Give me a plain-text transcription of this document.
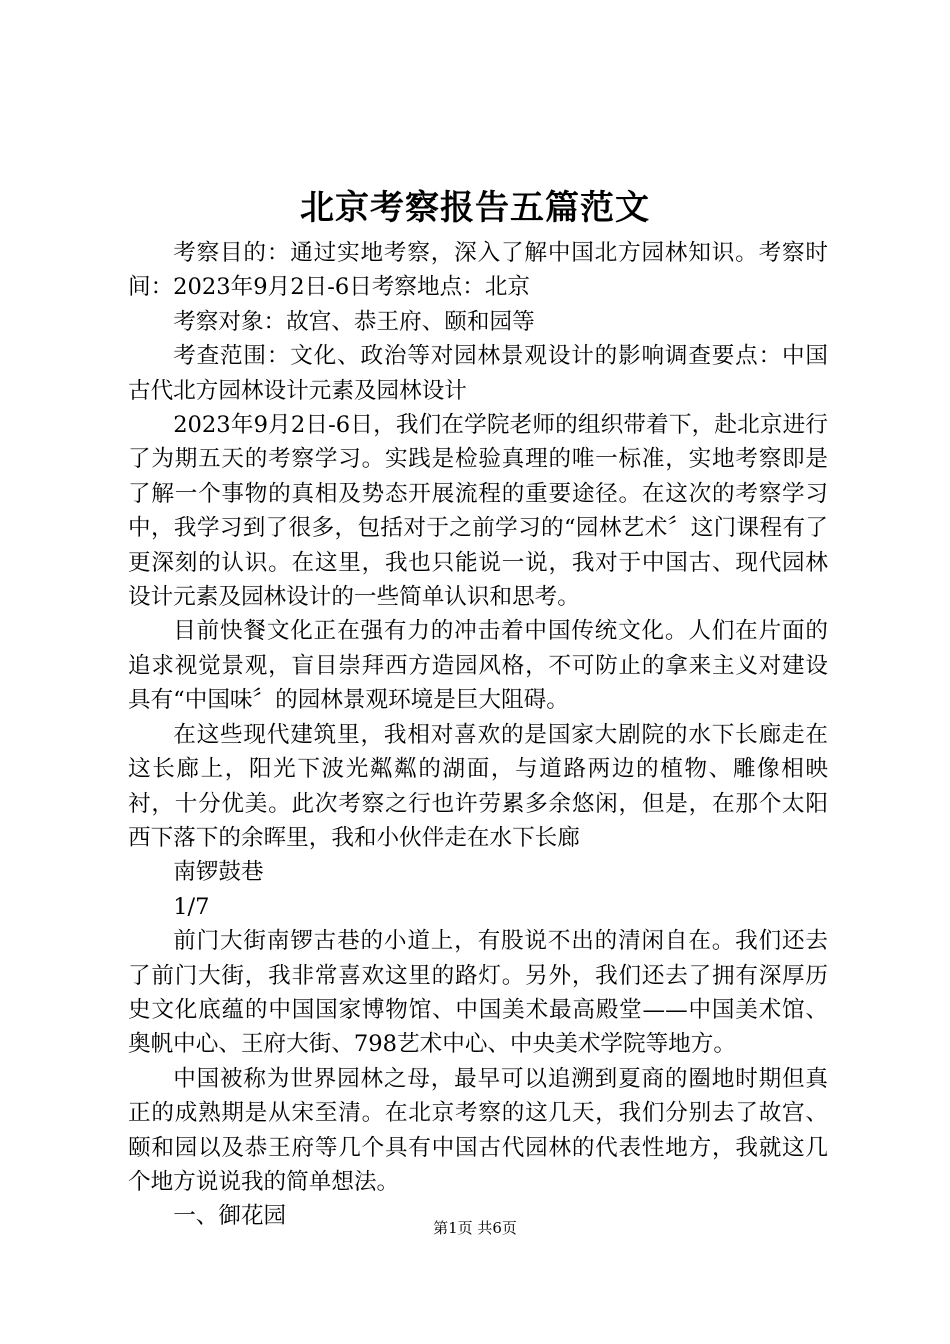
北京考察报告五篇范文

考察目的：通过实地考察，深入了解中国北方园林知识。考察时间：2023年9月2日-6日考察地点：北京

考察对象：故宫、恭王府、颐和园等

考查范围：文化、政治等对园林景观设计的影响调查要点：中国古代北方园林设计元素及园林设计

2023年9月2日-6日，我们在学院老师的组织带着下，赴北京进行了为期五天的考察学习。实践是检验真理的唯一标准，实地考察即是了解一个事物的真相及势态开展流程的重要途径。在这次的考察学习中，我学习到了很多，包括对于之前学习的“园林艺术〞这门课程有了更深刻的认识。在这里，我也只能说一说，我对于中国古、现代园林设计元素及园林设计的一些简单认识和思考。

目前快餐文化正在强有力的冲击着中国传统文化。人们在片面的追求视觉景观，盲目崇拜西方造园风格，不可防止的拿来主义对建设具有“中国味〞的园林景观环境是巨大阻碍。

在这些现代建筑里，我相对喜欢的是国家大剧院的水下长廊走在这长廊上，阳光下波光粼粼的湖面，与道路两边的植物、雕像相映衬，十分优美。此次考察之行也许劳累多余悠闲，但是，在那个太阳西下落下的余晖里，我和小伙伴走在水下长廊

南锣鼓巷

1/7

前门大街南锣古巷的小道上，有股说不出的清闲自在。我们还去了前门大街，我非常喜欢这里的路灯。另外，我们还去了拥有深厚历史文化底蕴的中国国家博物馆、中国美术最高殿堂——中国美术馆、奥帆中心、王府大街、798艺术中心、中央美术学院等地方。

中国被称为世界园林之母，最早可以追溯到夏商的圈地时期但真正的成熟期是从宋至清。在北京考察的这几天，我们分别去了故宫、颐和园以及恭王府等几个具有中国古代园林的代表性地方，我就这几个地方说说我的简单想法。

一、御花园	第1页 共6页
